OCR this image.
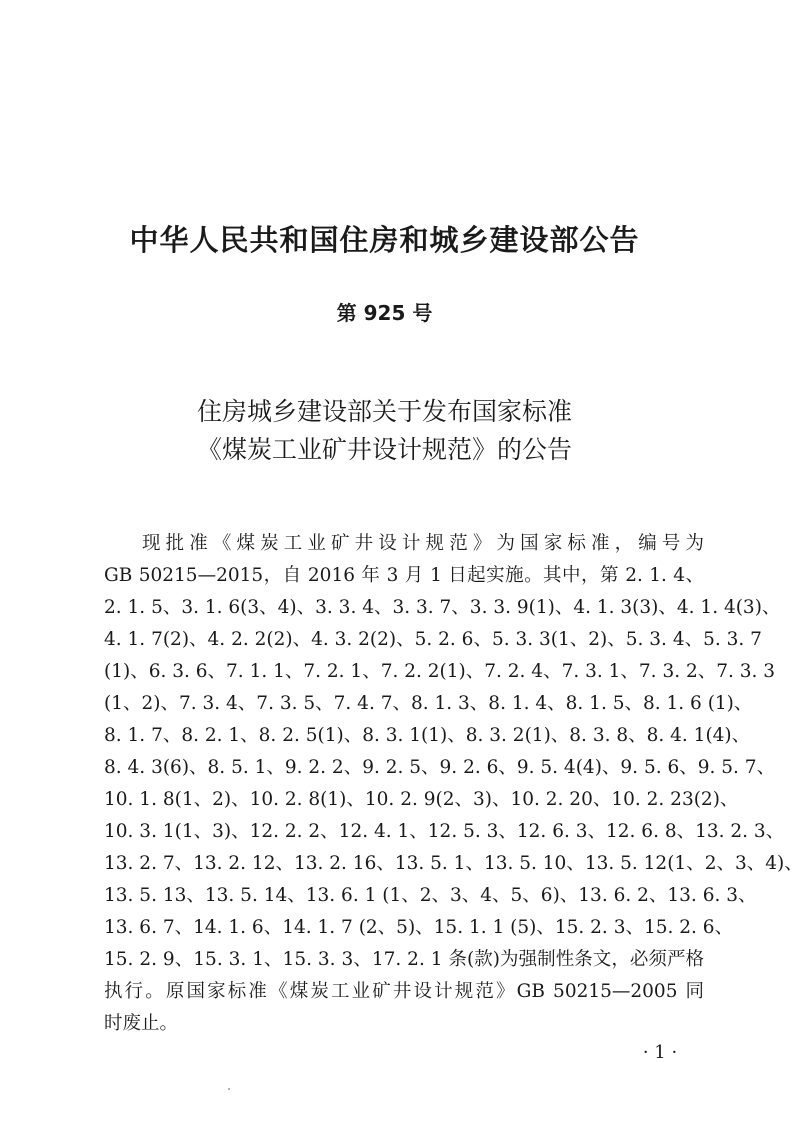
中华人民共和国住房和城乡建设部公告
第 925 号
住房城乡建设部关于发布国家标准
《煤炭工业矿井设计规范》的公告
现批准《煤炭工业矿井设计规范》为国家标准，编号为
GB 50215—2015，自 2016 年 3 月 1 日起实施。其中，第 2. 1. 4、
2. 1. 5、3. 1. 6(3、4)、3. 3. 4、3. 3. 7、3. 3. 9(1)、4. 1. 3(3)、4. 1. 4(3)、
4. 1. 7(2)、4. 2. 2(2)、4. 3. 2(2)、5. 2. 6、5. 3. 3(1、2)、5. 3. 4、5. 3. 7
(1)、6. 3. 6、7. 1. 1、7. 2. 1、7. 2. 2(1)、7. 2. 4、7. 3. 1、7. 3. 2、7. 3. 3
(1、2)、7. 3. 4、7. 3. 5、7. 4. 7、8. 1. 3、8. 1. 4、8. 1. 5、8. 1. 6 (1)、
8. 1. 7、8. 2. 1、8. 2. 5(1)、8. 3. 1(1)、8. 3. 2(1)、8. 3. 8、8. 4. 1(4)、
8. 4. 3(6)、8. 5. 1、9. 2. 2、9. 2. 5、9. 2. 6、9. 5. 4(4)、9. 5. 6、9. 5. 7、
10. 1. 8(1、2)、10. 2. 8(1)、10. 2. 9(2、3)、10. 2. 20、10. 2. 23(2)、
10. 3. 1(1、3)、12. 2. 2、12. 4. 1、12. 5. 3、12. 6. 3、12. 6. 8、13. 2. 3、
13. 2. 7、13. 2. 12、13. 2. 16、13. 5. 1、13. 5. 10、13. 5. 12(1、2、3、4)、
13. 5. 13、13. 5. 14、13. 6. 1 (1、2、3、4、5、6)、13. 6. 2、13. 6. 3、
13. 6. 7、14. 1. 6、14. 1. 7 (2、5)、15. 1. 1 (5)、15. 2. 3、15. 2. 6、
15. 2. 9、15. 3. 1、15. 3. 3、17. 2. 1 条(款)为强制性条文，必须严格
执行。原国家标准《煤炭工业矿井设计规范》GB 50215—2005 同
时废止。
· 1 ·
